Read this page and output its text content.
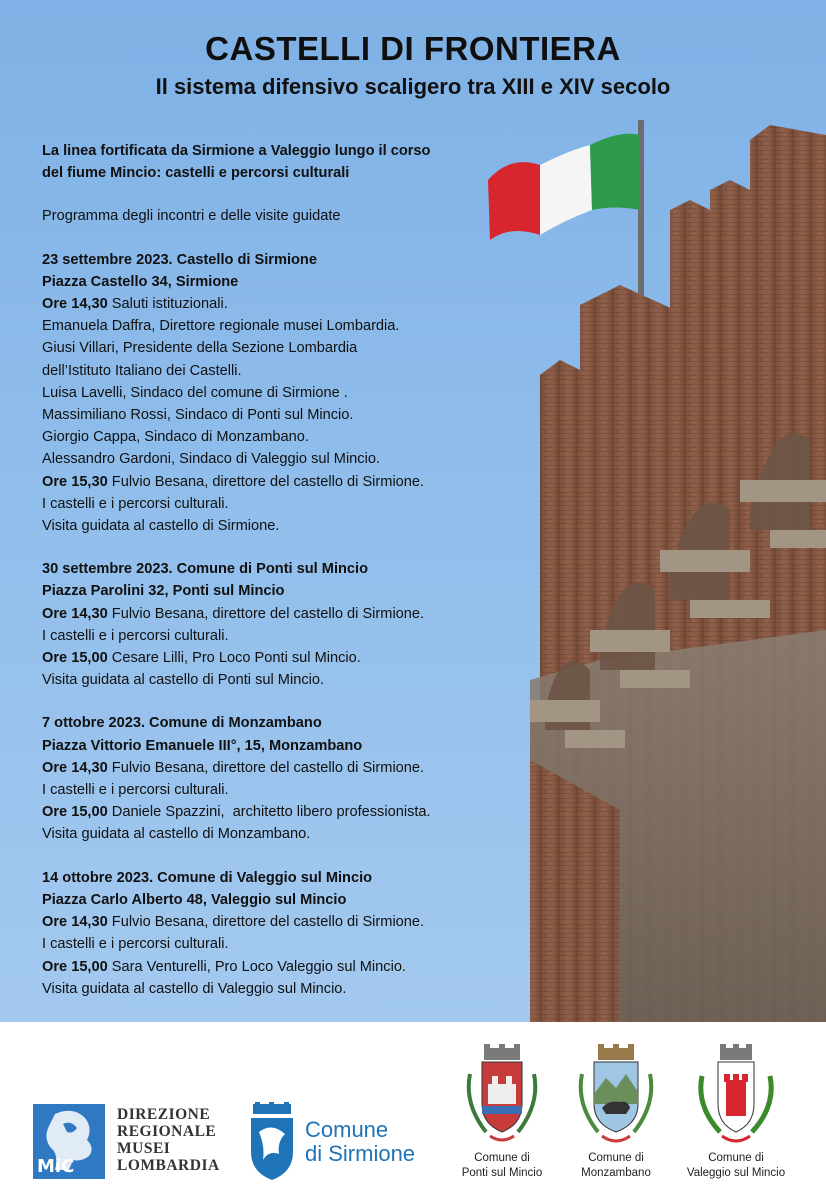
CASTELLI DI FRONTIERA
Il sistema difensivo scaligero tra XIII e XIV secolo
La linea fortificata da Sirmione a Valeggio lungo il corso
del fiume Mincio: castelli e percorsi culturali
Programma degli incontri e delle visite guidate
23 settembre 2023. Castello di Sirmione
Piazza Castello 34, Sirmione
Ore 14,30 Saluti istituzionali.
Emanuela Daffra, Direttore regionale musei Lombardia.
Giusi Villari, Presidente della Sezione Lombardia
dell’Istituto Italiano dei Castelli.
Luisa Lavelli, Sindaco del comune di Sirmione .
Massimiliano Rossi, Sindaco di Ponti sul Mincio.
Giorgio Cappa, Sindaco di Monzambano.
Alessandro Gardoni, Sindaco di Valeggio sul Mincio.
Ore 15,30 Fulvio Besana, direttore del castello di Sirmione.
I castelli e i percorsi culturali.
Visita guidata al castello di Sirmione.
30 settembre 2023. Comune di Ponti sul Mincio
Piazza Parolini 32, Ponti sul Mincio
Ore 14,30 Fulvio Besana, direttore del castello di Sirmione.
I castelli e i percorsi culturali.
Ore 15,00 Cesare Lilli, Pro Loco Ponti sul Mincio.
Visita guidata al castello di Ponti sul Mincio.
7 ottobre 2023. Comune di Monzambano
Piazza Vittorio Emanuele III°, 15, Monzambano
Ore 14,30 Fulvio Besana, direttore del castello di Sirmione.
I castelli e i percorsi culturali.
Ore 15,00 Daniele Spazzini,  architetto libero professionista.
Visita guidata al castello di Monzambano.
14 ottobre 2023. Comune di Valeggio sul Mincio
Piazza Carlo Alberto 48, Valeggio sul Mincio
Ore 14,30 Fulvio Besana, direttore del castello di Sirmione.
I castelli e i percorsi culturali.
Ore 15,00 Sara Venturelli, Pro Loco Valeggio sul Mincio.
Visita guidata al castello di Valeggio sul Mincio.
MiC
DIREZIONE
REGIONALE
MUSEI
LOMBARDIA
Comune
di Sirmione	Comune di
Ponti sul Mincio
Comune di
Monzambano
Comune di
Valeggio sul Mincio
